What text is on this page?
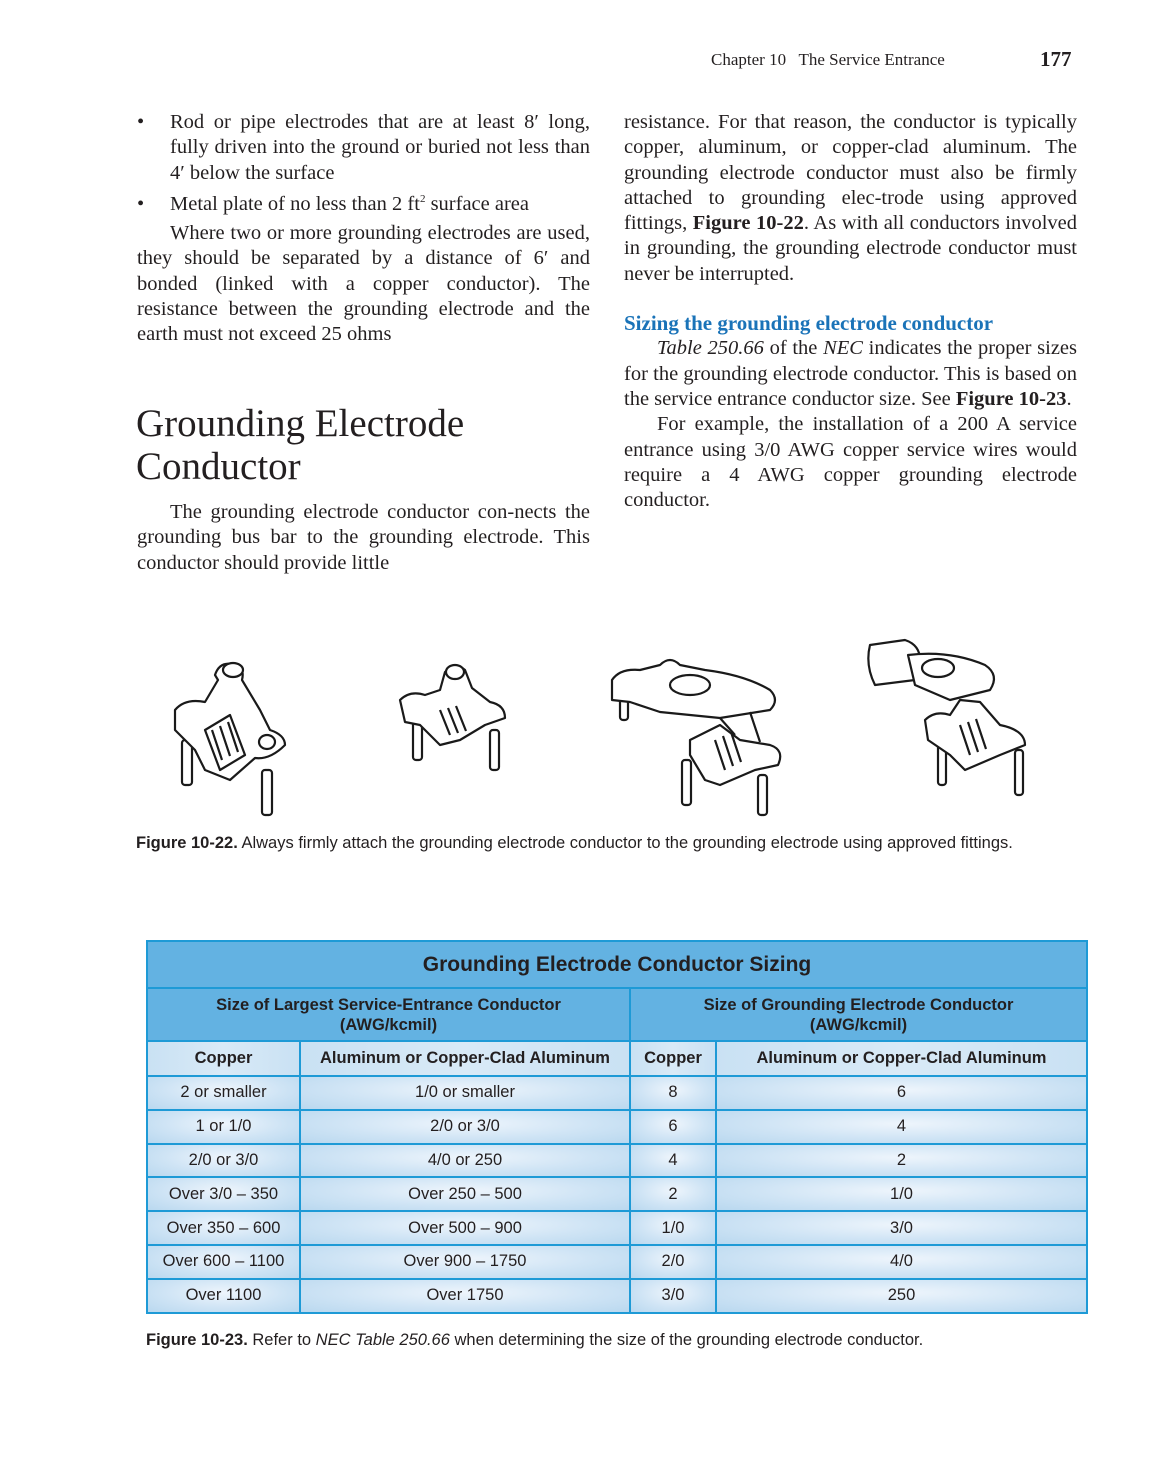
Chapter 10   The Service Entrance	177

• Rod or pipe electrodes that are at least 8′ long, fully driven into the ground or buried not less than 4′ below the surface

• Metal plate of no less than 2 $ft^2$ surface area

Where two or more grounding electrodes are used, they should be separated by a distance of 6′ and bonded (linked with a copper conductor). The resistance between the grounding electrode and the earth must not exceed 25 ohms

Grounding Electrode Conductor

The grounding electrode conductor con-nects the grounding bus bar to the grounding electrode. This conductor should provide little

resistance. For that reason, the conductor is typically copper, aluminum, or copper-clad aluminum. The grounding electrode conductor must also be firmly attached to grounding elec-trode using approved fittings, Figure 10-22. As with all conductors involved in grounding, the grounding electrode conductor must never be interrupted.

Sizing the grounding electrode conductor

Table 250.66 of the NEC indicates the proper sizes for the grounding electrode conductor. This is based on the service entrance conductor size. See Figure 10-23.

For example, the installation of a 200 A service entrance using 3/0 AWG copper service wires would require a 4 AWG copper grounding electrode conductor.

Figure 10-22. Always firmly attach the grounding electrode conductor to the grounding electrode using approved fittings.
Grounding Electrode Conductor Sizing			

Size of Largest Service-Entrance Conductor
(AWG/kcmil)

Size of Grounding Electrode Conductor
(AWG/kcmil)

Copper	Aluminum or Copper-Clad Aluminum	Copper	Aluminum or Copper-Clad Aluminum
2 or smaller	1/0 or smaller	8	6
1 or 1/0	2/0 or 3/0	6	4
2/0 or 3/0	4/0 or 250	4	2
Over 3/0 – 350	Over 250 – 500	2	1/0
Over 350 – 600	Over 500 – 900	1/0	3/0
Over 600 – 1100	Over 900 – 1750	2/0	4/0
Over 1100	Over 1750	3/0	250
Figure 10-23. Refer to NEC Table 250.66 when determining the size of the grounding electrode conductor.
